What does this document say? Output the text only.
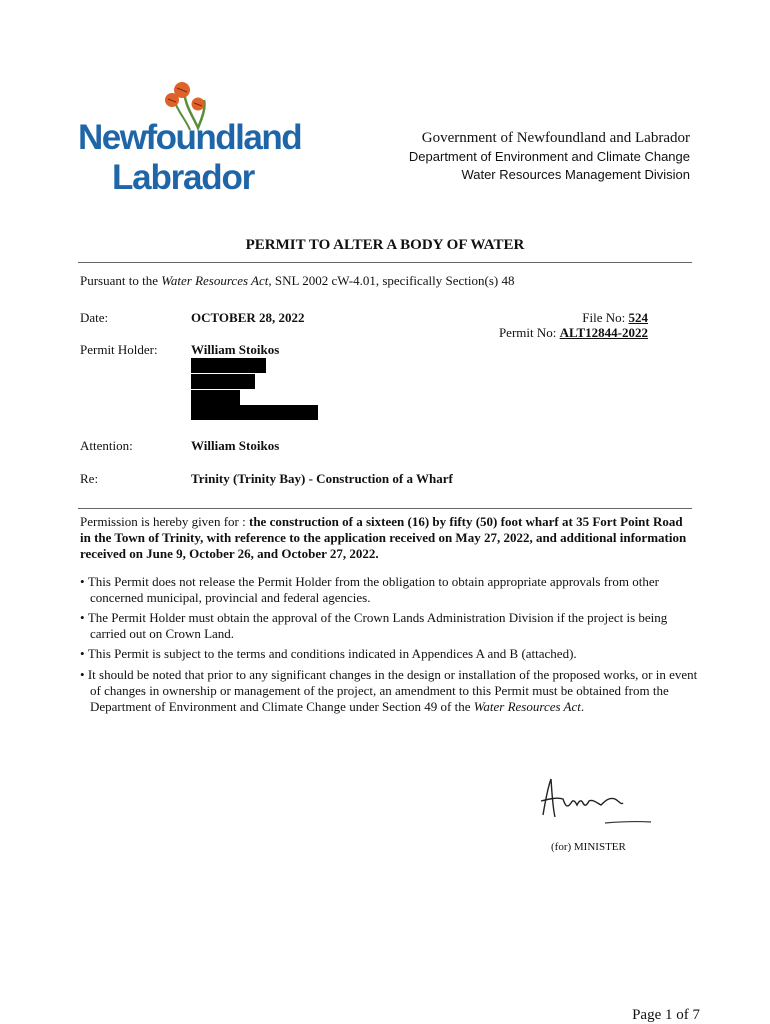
Newfoundland
Labrador
Government of Newfoundland and Labrador
Department of Environment and Climate Change
Water Resources Management Division
PERMIT TO ALTER A BODY OF WATER
Pursuant to the Water Resources Act, SNL 2002 cW-4.01, specifically Section(s) 48
Date:	OCTOBER 28, 2022	File No: 524
Permit No: ALT12844-2022
Permit Holder:	William Stoikos
Attention:	William Stoikos
Re:	Trinity (Trinity Bay) - Construction of a Wharf
Permission is hereby given for : the construction of a sixteen (16) by fifty (50) foot wharf at 35 Fort Point Road in the Town of Trinity, with reference to the application received on May 27, 2022, and additional information received on June 9, October 26, and October 27, 2022.
• This Permit does not release the Permit Holder from the obligation to obtain appropriate approvals from other concerned municipal, provincial and federal agencies.
• The Permit Holder must obtain the approval of the Crown Lands Administration Division if the project is being carried out on Crown Land.
• This Permit is subject to the terms and conditions indicated in Appendices A and B (attached).
• It should be noted that prior to any significant changes in the design or installation of the proposed works, or in event of changes in ownership or management of the project, an amendment to this Permit must be obtained from the Department of Environment and Climate Change under Section 49 of the Water Resources Act.
(for) MINISTER
Page 1 of 7
